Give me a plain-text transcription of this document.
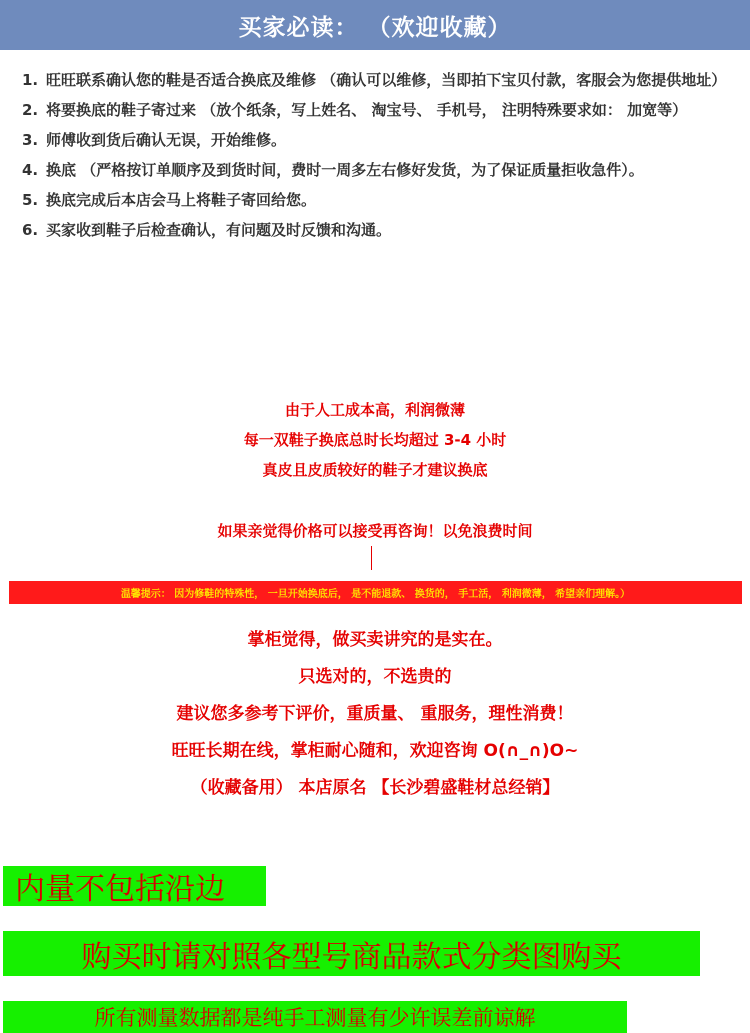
买家必读： （欢迎收藏）
1. 旺旺联系确认您的鞋是否适合换底及维修 （确认可以维修，当即拍下宝贝付款，客服会为您提供地址）
2. 将要换底的鞋子寄过来 （放个纸条，写上姓名、 淘宝号、 手机号， 注明特殊要求如： 加宽等）
3. 师傅收到货后确认无误，开始维修。
4. 换底 （严格按订单顺序及到货时间，费时一周多左右修好发货，为了保证质量拒收急件）。
5. 换底完成后本店会马上将鞋子寄回给您。
6. 买家收到鞋子后检查确认，有问题及时反馈和沟通。
由于人工成本高，利润微薄
每一双鞋子换底总时长均超过 3-4 小时
真皮且皮质较好的鞋子才建议换底
如果亲觉得价格可以接受再咨询！以免浪费时间
温馨提示： 因为修鞋的特殊性， 一旦开始换底后， 是不能退款、 换货的， 手工活， 利润微薄， 希望亲们理解。）
掌柜觉得，做买卖讲究的是实在。
只选对的，不选贵的
建议您多参考下评价，重质量、 重服务，理性消费！
旺旺长期在线，掌柜耐心随和，欢迎咨询 O(∩_∩)O~
（收藏备用） 本店原名 【长沙碧盛鞋材总经销】
内量不包括沿边
购买时请对照各型号商品款式分类图购买
所有测量数据都是纯手工测量有少许误差前谅解
